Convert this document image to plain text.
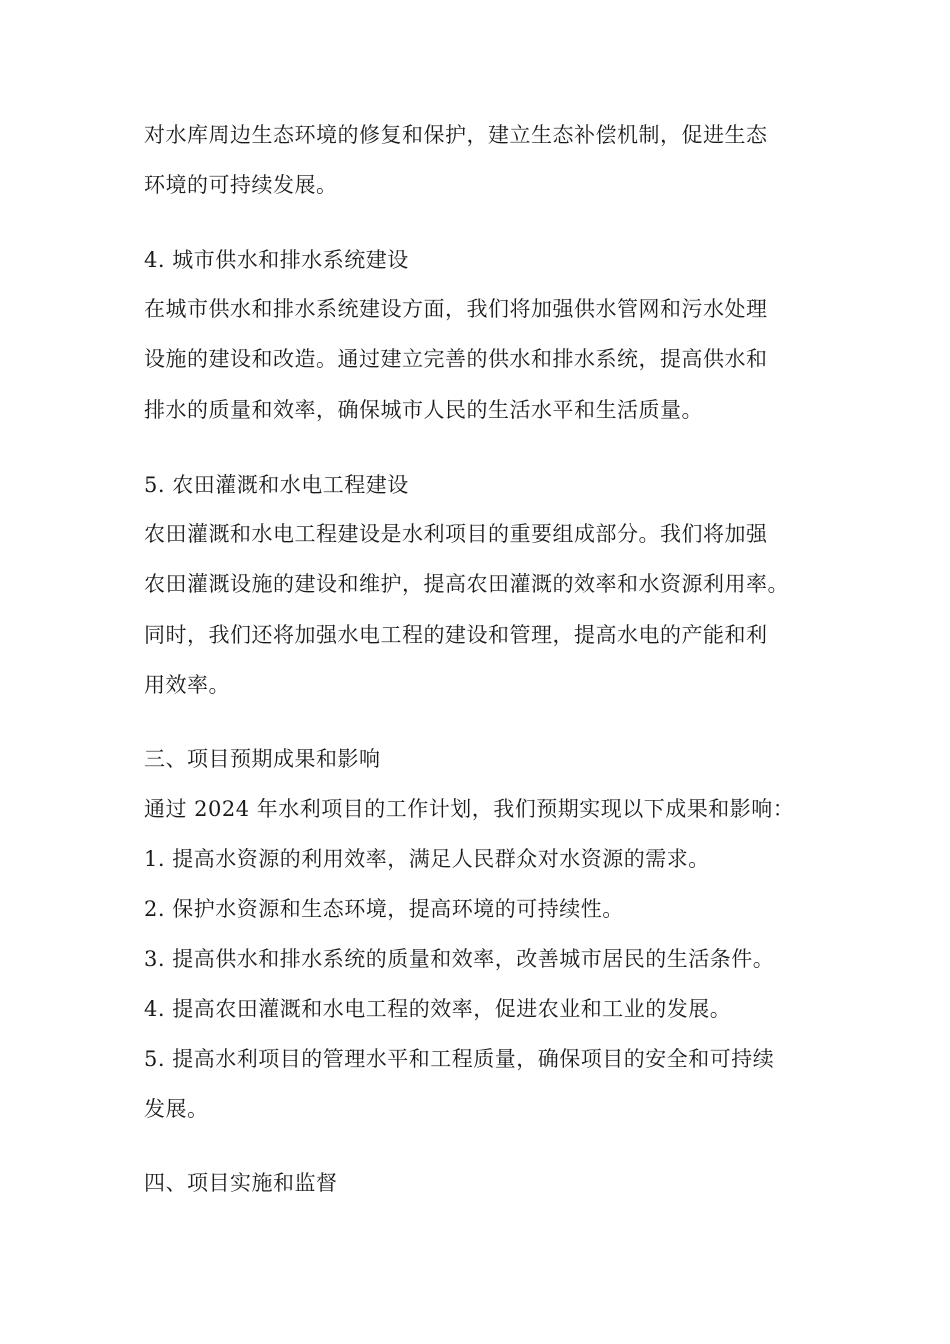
对水库周边生态环境的修复和保护，建立生态补偿机制，促进生态
环境的可持续发展。
4. 城市供水和排水系统建设
在城市供水和排水系统建设方面，我们将加强供水管网和污水处理
设施的建设和改造。通过建立完善的供水和排水系统，提高供水和
排水的质量和效率，确保城市人民的生活水平和生活质量。
5. 农田灌溉和水电工程建设
农田灌溉和水电工程建设是水利项目的重要组成部分。我们将加强
农田灌溉设施的建设和维护，提高农田灌溉的效率和水资源利用率。
同时，我们还将加强水电工程的建设和管理，提高水电的产能和利
用效率。
三、项目预期成果和影响
通过 2024 年水利项目的工作计划，我们预期实现以下成果和影响：
1. 提高水资源的利用效率，满足人民群众对水资源的需求。
2. 保护水资源和生态环境，提高环境的可持续性。
3. 提高供水和排水系统的质量和效率，改善城市居民的生活条件。
4. 提高农田灌溉和水电工程的效率，促进农业和工业的发展。
5. 提高水利项目的管理水平和工程质量，确保项目的安全和可持续
发展。
四、项目实施和监督
